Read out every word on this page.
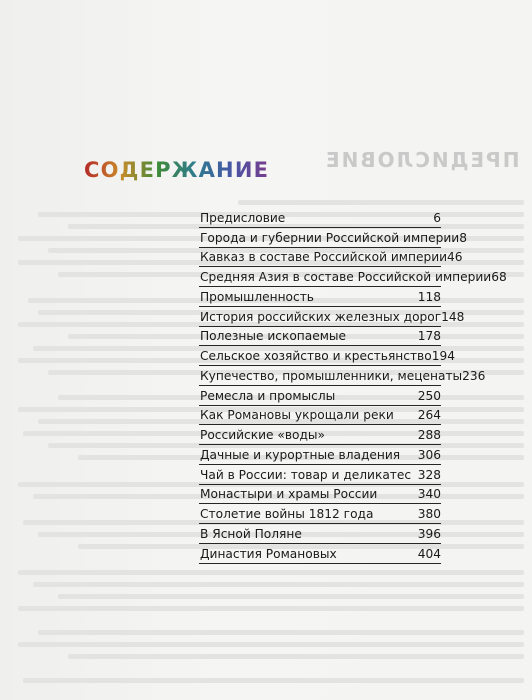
ПРЕДИСЛОВИЕ
СОДЕРЖАНИЕ
Предисловие	6
Города и губернии Российской империи 8
Кавказ в составе Российской империи 46
Средняя Азия в составе Российской империи 68
Промышленность	118
История российских железных дорог 148
Полезные ископаемые	178
Сельское хозяйство и крестьянство 194
Купечество, промышленники, меценаты 236
Ремесла и промыслы	250
Как Романовы укрощали реки 264
Российские «воды»	288
Дачные и курортные владения 306
Чай в России: товар и деликатес 328
Монастыри и храмы России	340
Столетие войны 1812 года	380
В Ясной Поляне	396
Династия Романовых	404
